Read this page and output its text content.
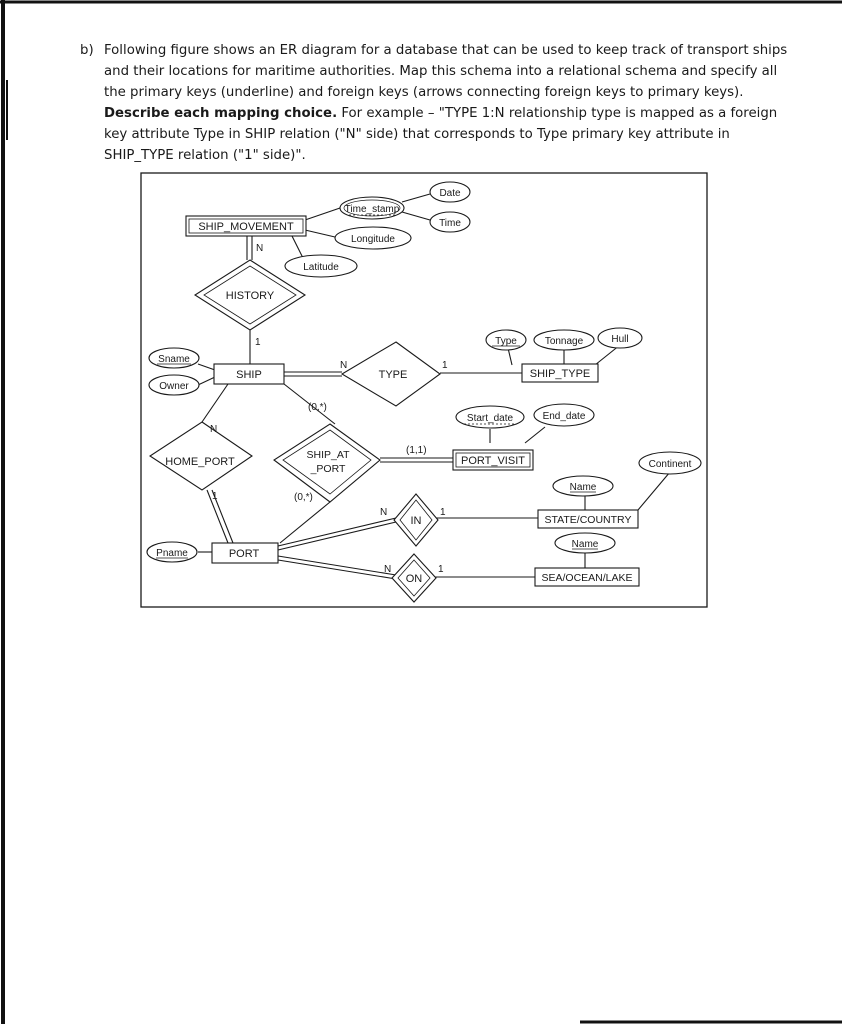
b) Following figure shows an ER diagram for a database that can be used to keep track of transport ships and their locations for maritime authorities. Map this schema into a relational schema and specify all the primary keys (underline) and foreign keys (arrows connecting foreign keys to primary keys).

Describe each mapping choice. For example – "TYPE 1:N relationship type is mapped as a foreign key attribute Type in SHIP relation ("N" side) that corresponds to Type primary key attribute in SHIP_TYPE relation ("1" side)".

SHIP_MOVEMENT
SHIP	SHIP_TYPE
PORT_VISIT
PORT
STATE/COUNTRY
SEA/OCEAN/LAKE
HISTORY
TYPE
HOME_PORT
SHIP_AT
_PORT
IN
ON
Time_stamp
Date
Time
Longitude
Latitude
Sname
Owner
Type	Tonnage	Hull
Start_date	End_date
Continent
Name
Name
Pname
N
1
N	1
N
1
(0,*)
(1,1)
(0,*)
N	1
N	1
